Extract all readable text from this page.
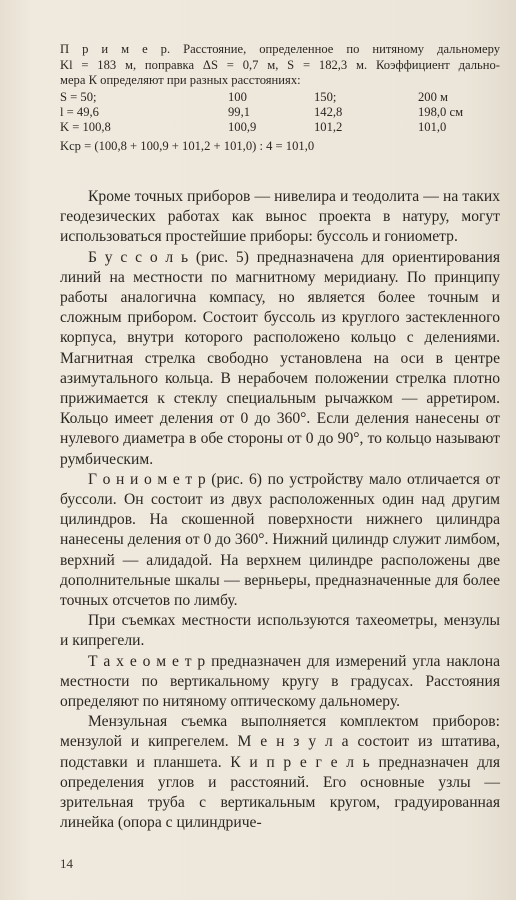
П р и м е р. Расстояние, определенное по нитяному дальномеру

Kl = 183 м, поправка ΔS = 0,7 м, S = 182,3 м. Коэффициент дально-

мера К определяют при разных расстояниях:

S = 50;	100	150;	200 м
l = 49,6	99,1	142,8	198,0 см
K = 100,8	100,9	101,2	101,0
Kср = (100,8 + 100,9 + 101,2 + 101,0) : 4 = 101,0

Кроме точных приборов — нивелира и теодолита — на таких геодезических работах как вынос проекта в натуру, могут использоваться простейшие приборы: буссоль и гониометр.

Б у с с о л ь (рис. 5) предназначена для ориентирования линий на местности по магнитному меридиану. По принципу работы аналогична компасу, но является более точным и сложным прибором. Состоит буссоль из круглого застекленного корпуса, внутри которого расположено кольцо с делениями. Магнитная стрелка свободно установлена на оси в центре азимутального кольца. В нерабочем положении стрелка плотно прижимается к стеклу специальным рычажком — арретиром. Кольцо имеет деления от 0 до 360°. Если деления нанесены от нулевого диаметра в обе стороны от 0 до 90°, то кольцо называют румбическим.

Г о н и о м е т р (рис. 6) по устройству мало отличается от буссоли. Он состоит из двух расположенных один над другим цилиндров. На скошенной поверхности нижнего цилиндра нанесены деления от 0 до 360°. Нижний цилиндр служит лимбом, верхний — алидадой. На верхнем цилиндре расположены две дополнительные шкалы — верньеры, предназначенные для более точных отсчетов по лимбу.

При съемках местности используются тахеометры, мензулы и кипрегели.

Т а х е о м е т р предназначен для измерений угла наклона местности по вертикальному кругу в градусах. Расстояния определяют по нитяному оптическому дальномеру.

Мензульная съемка выполняется комплектом приборов: мензулой и кипрегелем. М е н з у л а состоит из штатива, подставки и планшета. К и п р е г е л ь предназначен для определения углов и расстояний. Его основные узлы — зрительная труба с вертикальным кругом, градуированная линейка (опора с цилиндриче-

14
